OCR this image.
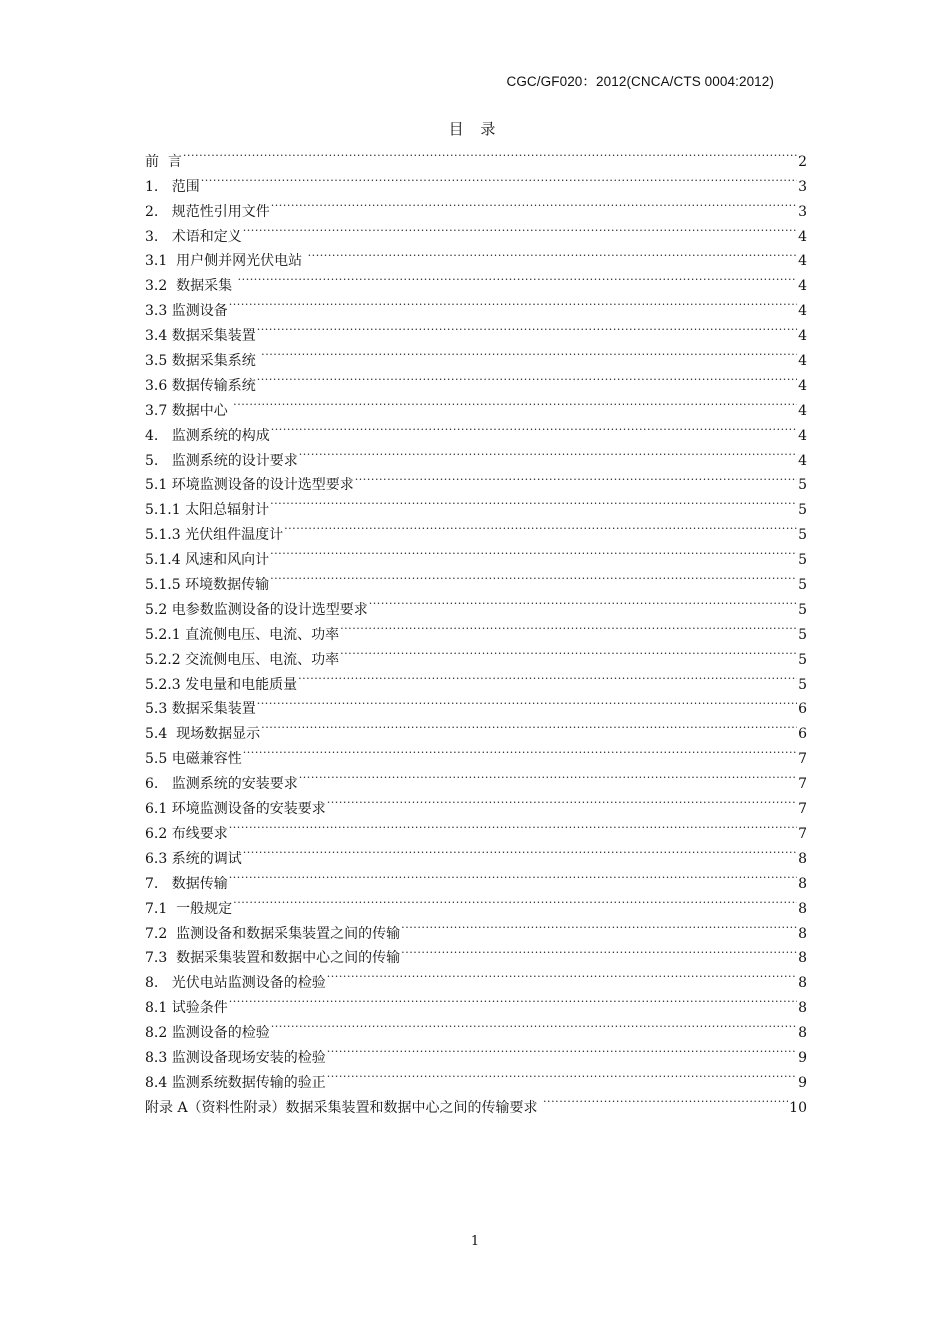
CGC/GF020：2012(CNCA/CTS 0004:2012)
目 录
前  言 .....	2
1.   范围 .....	3
2.   规范性引用文件 .....	3
3.   术语和定义 .....	4
3.1  用户侧并网光伏电站 .....	4
3.2  数据采集 .....	4
3.3 监测设备 .....	4
3.4 数据采集装置 .....	4
3.5 数据采集系统 .....	4
3.6 数据传输系统 .....	4
3.7 数据中心 .....	4
4.   监测系统的构成 .....	4
5.   监测系统的设计要求 .....	4
5.1 环境监测设备的设计选型要求 .....	5
5.1.1 太阳总辐射计 .....	5
5.1.3 光伏组件温度计 .....	5
5.1.4 风速和风向计 .....	5
5.1.5 环境数据传输 .....	5
5.2 电参数监测设备的设计选型要求 .....	5
5.2.1 直流侧电压、电流、功率 .....	5
5.2.2 交流侧电压、电流、功率 .....	5
5.2.3 发电量和电能质量 .....	5
5.3 数据采集装置 .....	6
5.4  现场数据显示 .....	6
5.5 电磁兼容性 .....	7
6.   监测系统的安装要求 .....	7
6.1 环境监测设备的安装要求 .....	7
6.2 布线要求 .....	7
6.3 系统的调试 .....	8
7.   数据传输 .....	8
7.1  一般规定 .....	8
7.2  监测设备和数据采集装置之间的传输 .....	8
7.3  数据采集装置和数据中心之间的传输 .....	8
8.   光伏电站监测设备的检验 .....	8
8.1 试验条件 .....	8
8.2 监测设备的检验 .....	8
8.3 监测设备现场安装的检验 .....	9
8.4 监测系统数据传输的验正 .....	9
附录 A（资料性附录）数据采集装置和数据中心之间的传输要求 .....	10
1
